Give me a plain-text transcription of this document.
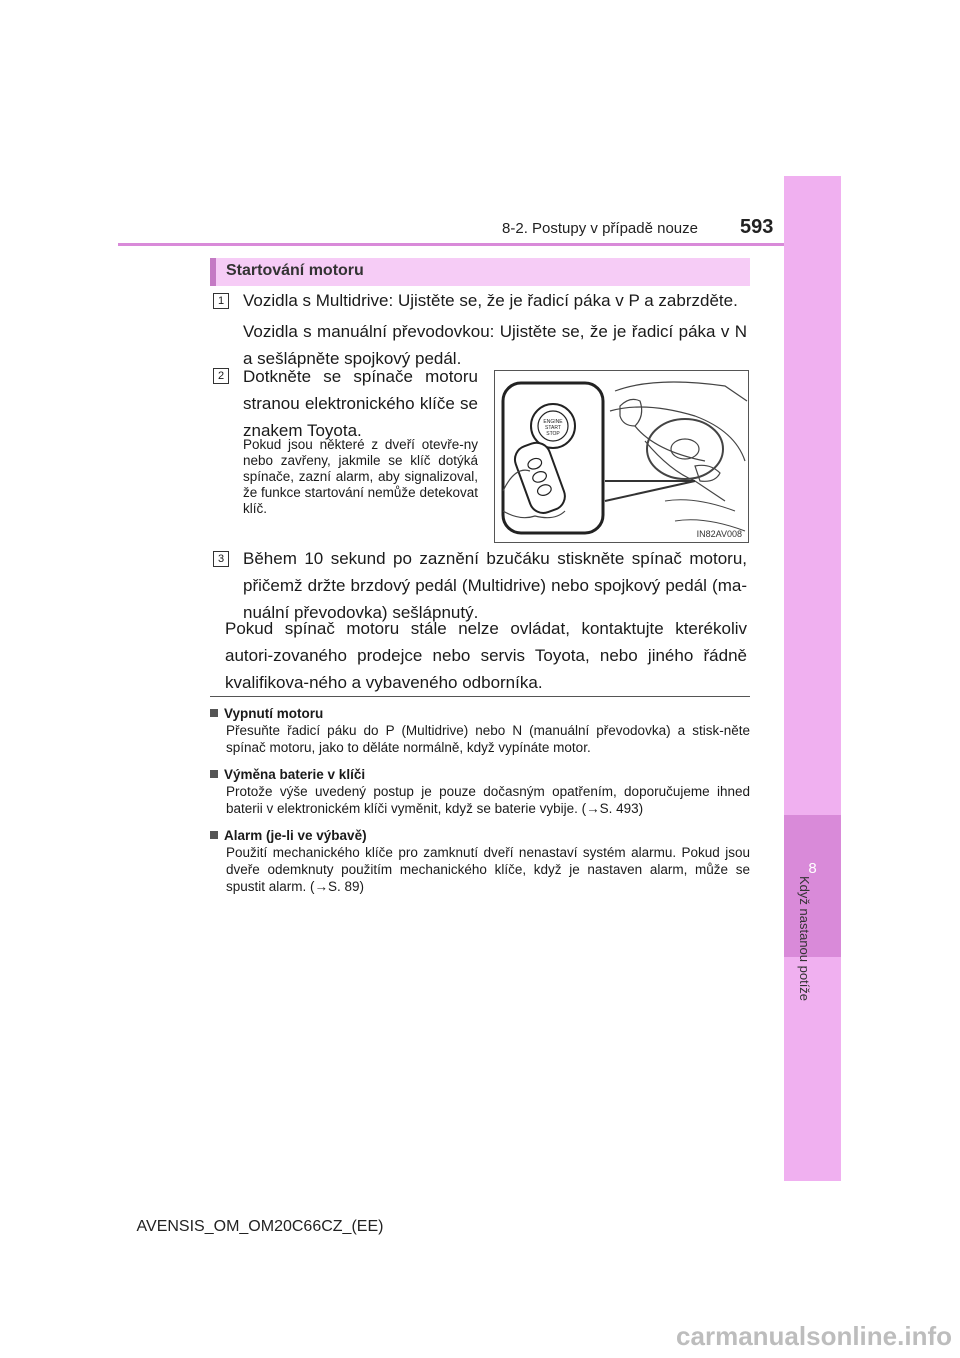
8
Když nastanou potíže
8-2. Postupy v případě nouze 593
Startování motoru
1 Vozidla s Multidrive: Ujistěte se, že je řadicí páka v P a zabrzděte.
Vozidla s manuální převodovkou: Ujistěte se, že je řadicí páka v N a sešlápněte spojkový pedál.
2 Dotkněte se spínače motoru stranou elektronického klíče se znakem Toyota.
Pokud jsou některé z dveří otevře-ny nebo zavřeny, jakmile se klíč dotýká spínače, zazní alarm, aby signalizoval, že funkce startování nemůže detekovat klíč.
ENGINE
START
STOP
IN82AV008
3 Během 10 sekund po zaznění bzučáku stiskněte spínač motoru, přičemž držte brzdový pedál (Multidrive) nebo spojkový pedál (ma-nuální převodovka) sešlápnutý.
Pokud spínač motoru stále nelze ovládat, kontaktujte kterékoliv autori-zovaného prodejce nebo servis Toyota, nebo jiného řádně kvalifikova-ného a vybaveného odborníka.
Vypnutí motoru
Přesuňte řadicí páku do P (Multidrive) nebo N (manuální převodovka) a stisk-něte spínač motoru, jako to děláte normálně, když vypínáte motor.
Výměna baterie v klíči
Protože výše uvedený postup je pouze dočasným opatřením, doporučujeme ihned baterii v elektronickém klíči vyměnit, když se baterie vybije. (→S. 493)
Alarm (je-li ve výbavě)
Použití mechanického klíče pro zamknutí dveří nenastaví systém alarmu. Pokud jsou dveře odemknuty použitím mechanického klíče, když je nastaven alarm, může se spustit alarm. (→S. 89)
AVENSIS_OM_OM20C66CZ_(EE)
carmanualsonline.info
